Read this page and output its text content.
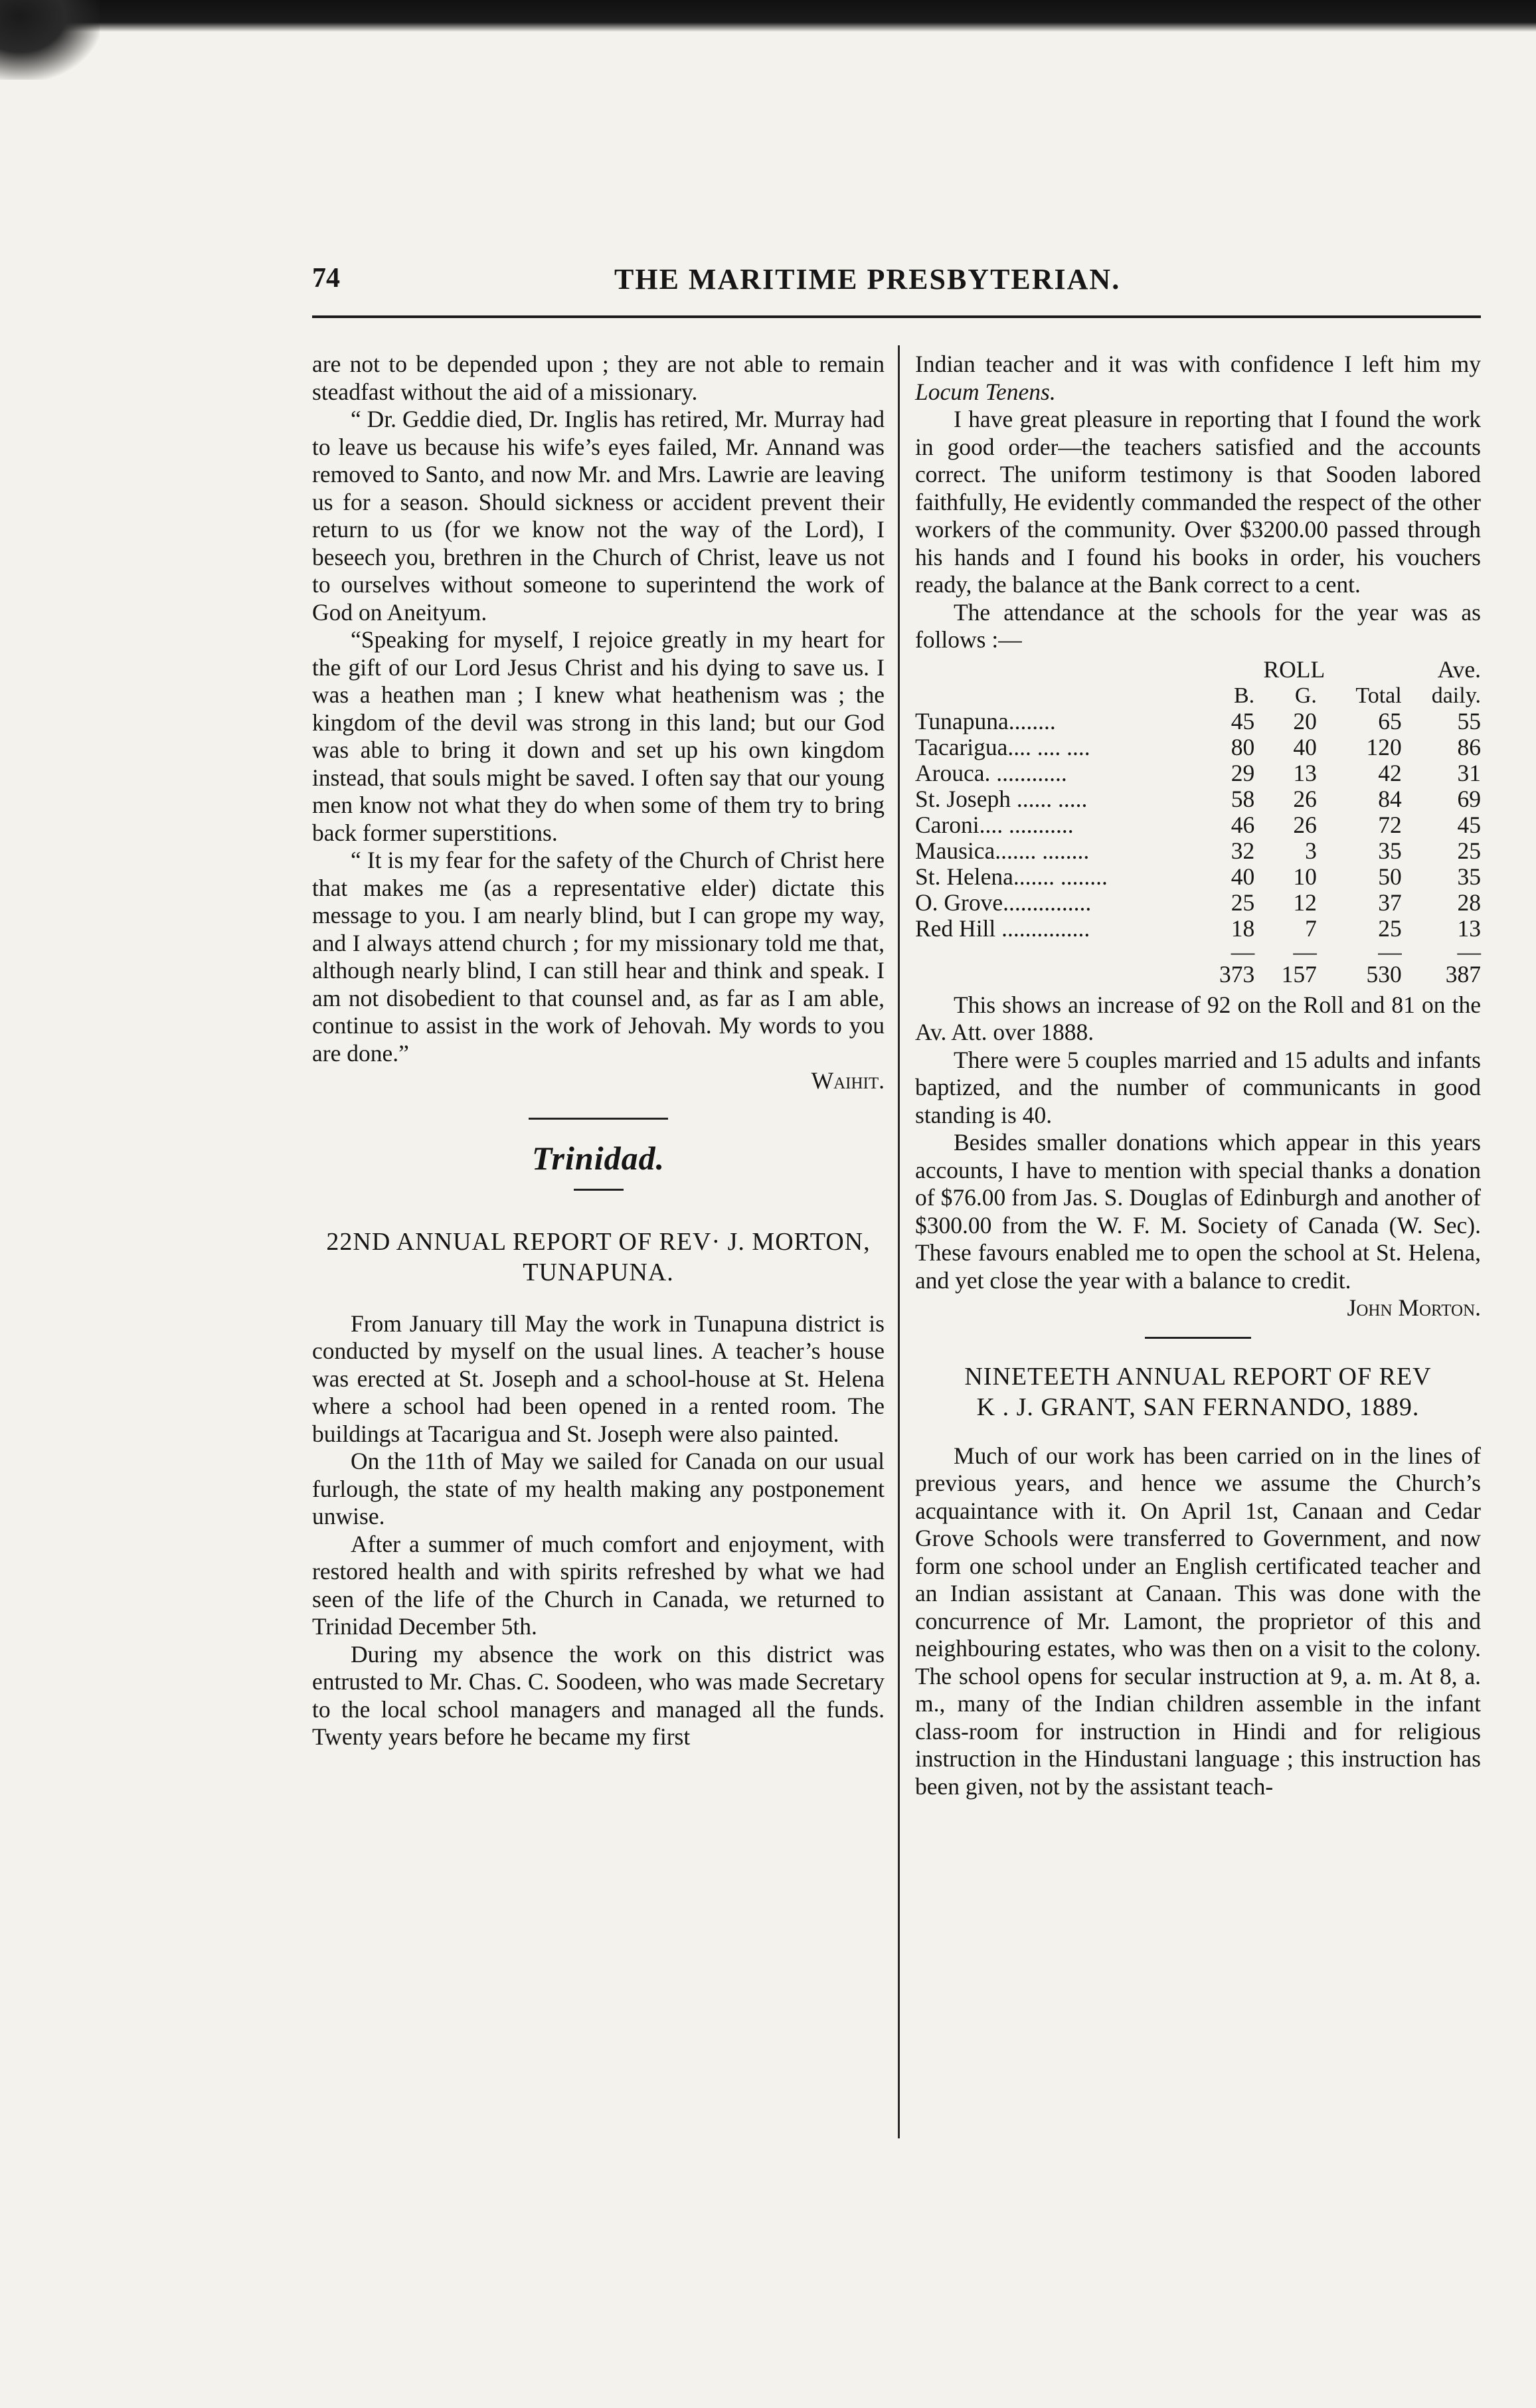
74	THE MARITIME PRESBYTERIAN.

are not to be depended upon ; they are not able to remain steadfast without the aid of a missionary.

“ Dr. Geddie died, Dr. Inglis has retired, Mr. Murray had to leave us because his wife’s eyes failed, Mr. Annand was removed to Santo, and now Mr. and Mrs. Lawrie are leaving us for a season. Should sickness or accident prevent their return to us (for we know not the way of the Lord), I beseech you, brethren in the Church of Christ, leave us not to ourselves without someone to superintend the work of God on Aneityum.

“Speaking for myself, I rejoice greatly in my heart for the gift of our Lord Jesus Christ and his dying to save us. I was a heathen man ; I knew what heathenism was ; the kingdom of the devil was strong in this land; but our God was able to bring it down and set up his own kingdom instead, that souls might be saved. I often say that our young men know not what they do when some of them try to bring back former superstitions.

“ It is my fear for the safety of the Church of Christ here that makes me (as a representative elder) dictate this message to you. I am nearly blind, but I can grope my way, and I always attend church ; for my missionary told me that, although nearly blind, I can still hear and think and speak. I am not disobedient to that counsel and, as far as I am able, continue to assist in the work of Jehovah. My words to you are done.”

Waihit.
Trinidad.
22ND ANNUAL REPORT OF REV· J. MORTON, TUNAPUNA.

From January till May the work in Tunapuna district is conducted by myself on the usual lines. A teacher’s house was erected at St. Joseph and a school-house at St. Helena where a school had been opened in a rented room. The buildings at Tacarigua and St. Joseph were also painted.

On the 11th of May we sailed for Canada on our usual furlough, the state of my health making any postponement unwise.

After a summer of much comfort and enjoyment, with restored health and with spirits refreshed by what we had seen of the life of the Church in Canada, we returned to Trinidad December 5th.

During my absence the work on this district was entrusted to Mr. Chas. C. Soodeen, who was made Secretary to the local school managers and managed all the funds. Twenty years before he became my first

Indian teacher and it was with confidence I left him my Locum Tenens.

I have great pleasure in reporting that I found the work in good order—the teachers satisfied and the accounts correct. The uniform testimony is that Sooden labored faithfully, He evidently commanded the respect of the other workers of the community. Over $3200.00 passed through his hands and I found his books in order, his vouchers ready, the balance at the Bank correct to a cent.

The attendance at the schools for the year was as follows :—

	ROLL			Ave.
	B.	G.	Total	daily.
Tunapuna........	45	20	65	55
Tacarigua.... .... ....	80	40	120	86
Arouca. ............	29	13	42	31
St. Joseph ...... .....	58	26	84	69
Caroni.... ...........	46	26	72	45
Mausica....... ........	32	3	35	25
St. Helena....... ........	40	10	50	35
O. Grove...............	25	12	37	28
Red Hill ...............	18	7	25	13
	—	—	—	—
	373	157	530	387

This shows an increase of 92 on the Roll and 81 on the Av. Att. over 1888.

There were 5 couples married and 15 adults and infants baptized, and the number of communicants in good standing is 40.

Besides smaller donations which appear in this years accounts, I have to mention with special thanks a donation of $76.00 from Jas. S. Douglas of Edinburgh and another of $300.00 from the W. F. M. Society of Canada (W. Sec). These favours enabled me to open the school at St. Helena, and yet close the year with a balance to credit.

John Morton.
NINETEETH ANNUAL REPORT OF REV K . J. GRANT, SAN FERNANDO, 1889.

Much of our work has been carried on in the lines of previous years, and hence we assume the Church’s acquaintance with it. On April 1st, Canaan and Cedar Grove Schools were transferred to Government, and now form one school under an English certificated teacher and an Indian assistant at Canaan. This was done with the concurrence of Mr. Lamont, the proprietor of this and neighbouring estates, who was then on a visit to the colony. The school opens for secular instruction at 9, a. m. At 8, a. m., many of the Indian children assemble in the infant class-room for instruction in Hindi and for religious instruction in the Hindustani language ; this instruction has been given, not by the assistant teach-
